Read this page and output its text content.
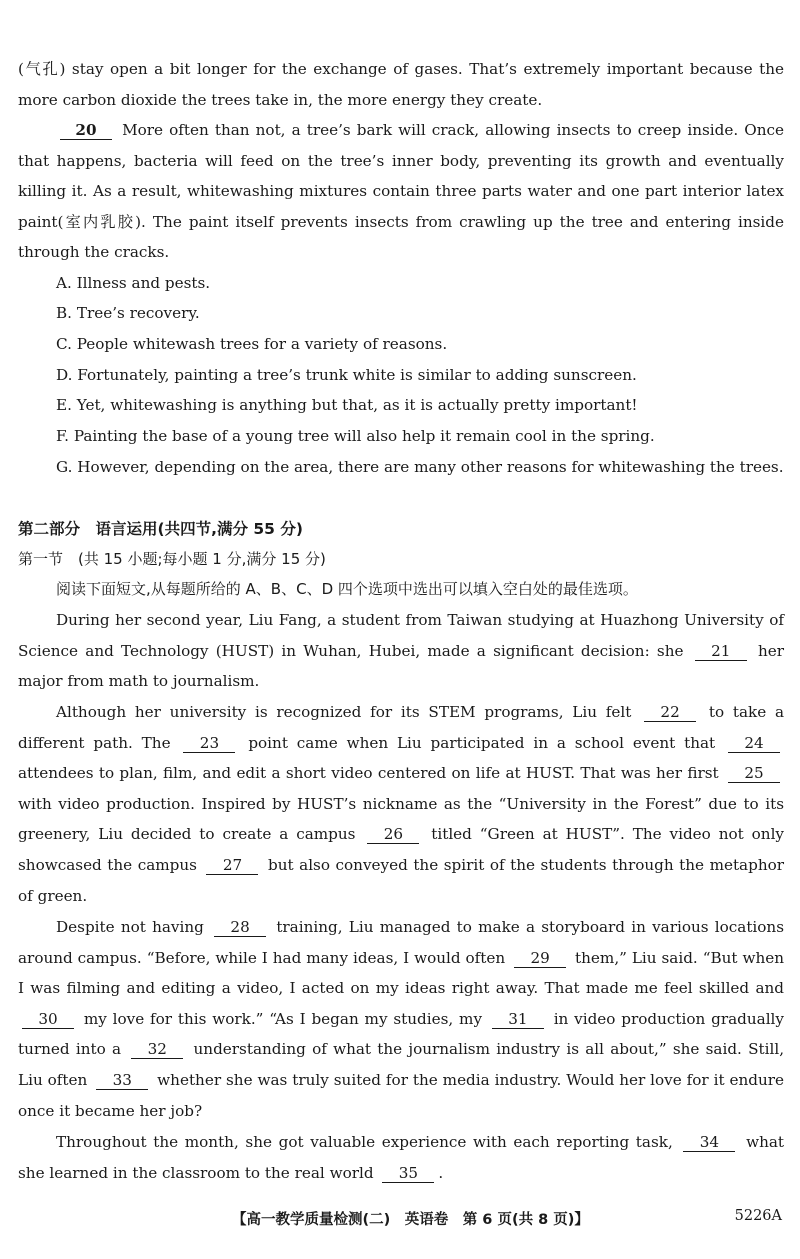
(气孔) stay open a bit longer for the exchange of gases. That’s extremely important because the more carbon dioxide the trees take in, the more energy they create.

20 More often than not, a tree’s bark will crack, allowing insects to creep inside. Once that happens, bacteria will feed on the tree’s inner body, preventing its growth and eventually killing it. As a result, whitewashing mixtures contain three parts water and one part interior latex paint(室内乳胶). The paint itself prevents insects from crawling up the tree and entering inside through the cracks.

A. Illness and pests.

B. Tree’s recovery.

C. People whitewash trees for a variety of reasons.

D. Fortunately, painting a tree’s trunk white is similar to adding sunscreen.

E. Yet, whitewashing is anything but that, as it is actually pretty important!

F. Painting the base of a young tree will also help it remain cool in the spring.

G. However, depending on the area, there are many other reasons for whitewashing the trees.

第二部分　语言运用(共四节,满分 55 分)

第一节　(共 15 小题;每小题 1 分,满分 15 分)

阅读下面短文,从每题所给的 A、B、C、D 四个选项中选出可以填入空白处的最佳选项。

During her second year, Liu Fang, a student from Taiwan studying at Huazhong University of Science and Technology (HUST) in Wuhan, Hubei, made a significant decision: she 21 her major from math to journalism.

Although her university is recognized for its STEM programs, Liu felt 22 to take a different path. The 23 point came when Liu participated in a school event that 24 attendees to plan, film, and edit a short video centered on life at HUST. That was her first 25 with video production. Inspired by HUST’s nickname as the “University in the Forest” due to its greenery, Liu decided to create a campus 26 titled “Green at HUST”. The video not only showcased the campus 27 but also conveyed the spirit of the students through the metaphor of green.

Despite not having 28 training, Liu managed to make a storyboard in various locations around campus. “Before, while I had many ideas, I would often 29 them,” Liu said. “But when I was filming and editing a video, I acted on my ideas right away. That made me feel skilled and 30 my love for this work.” “As I began my studies, my 31 in video production gradually turned into a 32 understanding of what the journalism industry is all about,” she said. Still, Liu often 33 whether she was truly suited for the media industry. Would her love for it endure once it became her job?

Throughout the month, she got valuable experience with each reporting task, 34 what she learned in the classroom to the real world 35 .

【高一教学质量检测(二)　英语卷　第 6 页(共 8 页)】	5226A
